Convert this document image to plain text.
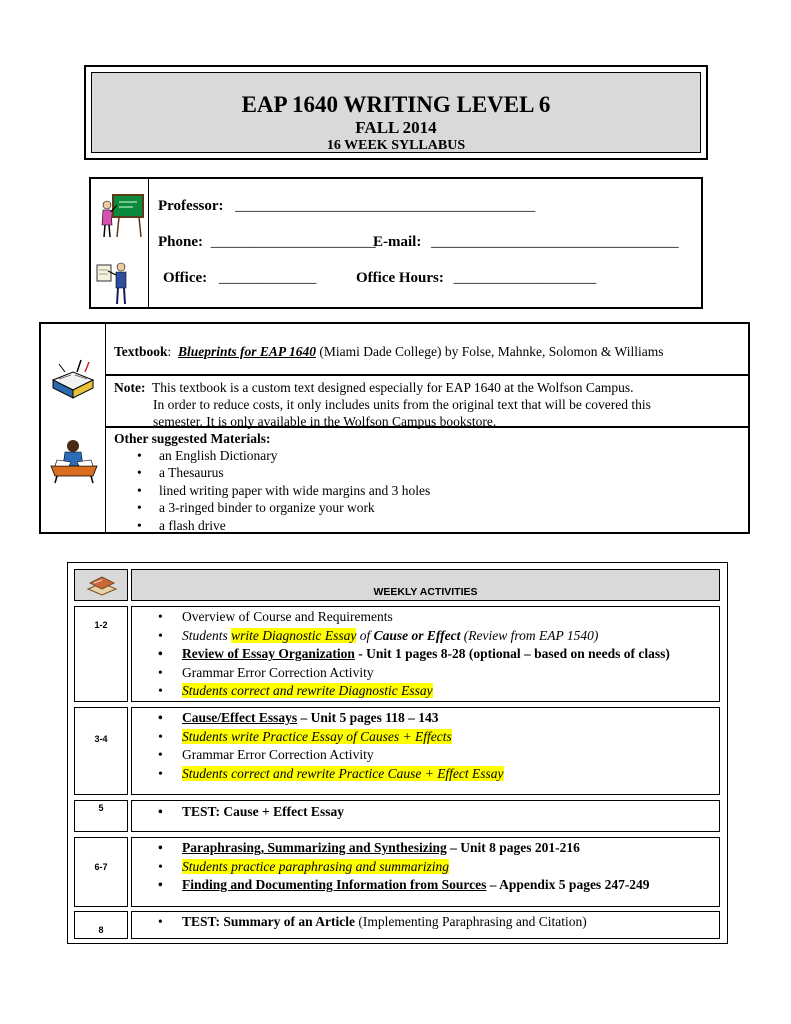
EAP 1640 WRITING LEVEL 6
FALL 2014
16 WEEK SYLLABUS
Professor: ________________________________________
Phone: ______________________
E-mail: _________________________________
Office: _____________	Office Hours: ___________________
Textbook: Blueprints for EAP 1640 (Miami Dade College) by Folse, Mahnke, Solomon & Williams
Note: This textbook is a custom text designed especially for EAP 1640 at the Wolfson Campus.
In order to reduce costs, it only includes units from the original text that will be covered this
semester. It is only available in the Wolfson Campus bookstore.
Other suggested Materials:
• an English Dictionary
• a Thesaurus
• lined writing paper with wide margins and 3 holes
• a 3-ringed binder to organize your work
• a flash drive
WEEKLY ACTIVITIES
1-2
• Overview of Course and Requirements
• Students write Diagnostic Essay of Cause or Effect (Review from EAP 1540)
• Review of Essay Organization - Unit 1 pages 8-28 (optional – based on needs of class)
• Grammar Error Correction Activity
• Students correct and rewrite Diagnostic Essay
3-4
• Cause/Effect Essays – Unit 5 pages 118 – 143
• Students write Practice Essay of Causes + Effects
• Grammar Error Correction Activity
• Students correct and rewrite Practice Cause + Effect Essay
5
•	TEST: Cause + Effect Essay
6-7
• Paraphrasing, Summarizing and Synthesizing – Unit 8 pages 201-216
• Students practice paraphrasing and summarizing
• Finding and Documenting Information from Sources – Appendix 5 pages 247-249
8
• TEST: Summary of an Article (Implementing Paraphrasing and Citation)
